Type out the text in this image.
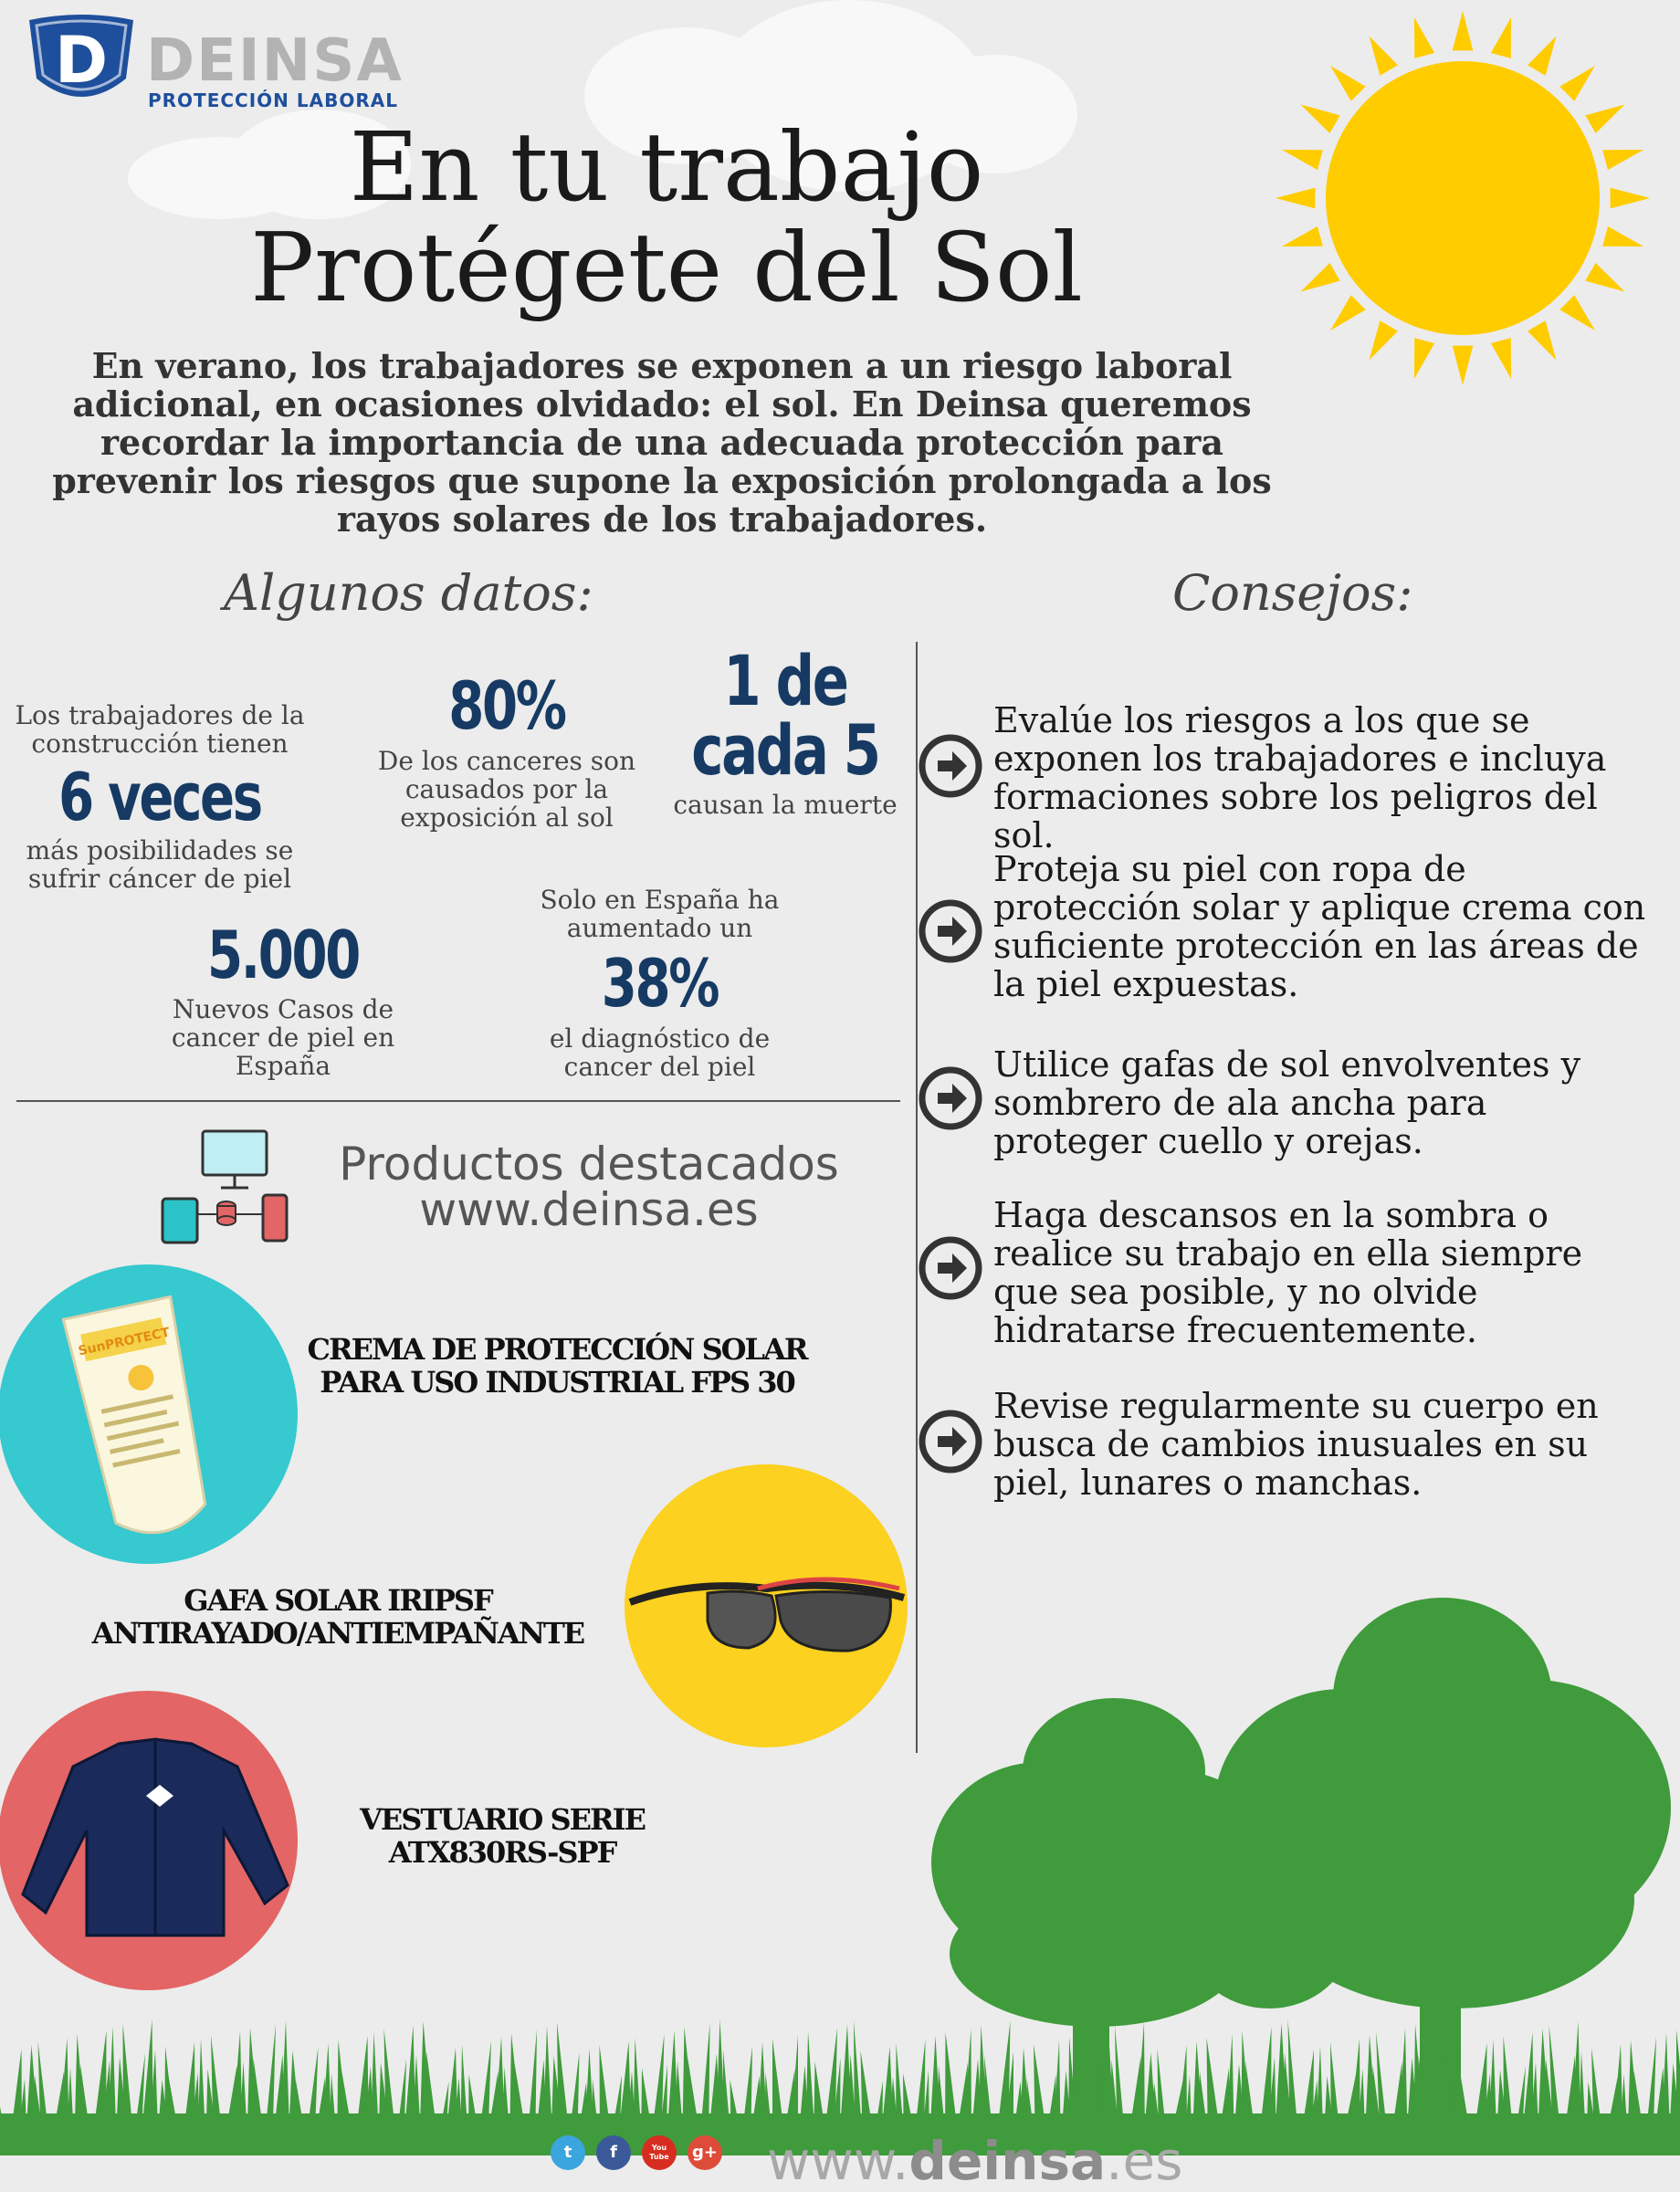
D DEINSA
PROTECCIÓN LABORAL
En tu trabajo
Protégete del Sol
En verano, los trabajadores se exponen a un riesgo laboral adicional, en ocasiones olvidado: el sol. En Deinsa queremos recordar la importancia de una adecuada protección para prevenir los riesgos que supone la exposición prolongada a los rayos solares de los trabajadores.
Algunos datos:	Consejos:
Los trabajadores de la construcción tienen
6 veces
más posibilidades se sufrir cáncer de piel
80%
De los canceres son causados por la exposición al sol
1 de
cada 5
causan la muerte
5.000
Nuevos Casos de cancer de piel en España
Solo en España ha aumentado un
38%
el diagnóstico de cancer del piel
Evalúe los riesgos a los que se exponen los trabajadores e incluya formaciones sobre los peligros del sol.
Proteja su piel con ropa de protección solar y aplique crema con suficiente protección en las áreas de la piel expuestas.
Utilice gafas de sol envolventes y sombrero de ala ancha para proteger cuello y orejas.
Haga descansos en la sombra o realice su trabajo en ella siempre que sea posible, y no olvide hidratarse frecuentemente.
Revise regularmente su cuerpo en busca de cambios inusuales en su piel, lunares o manchas.
Productos destacados
www.deinsa.es
SunPROTECT	CREMA DE PROTECCIÓN SOLAR PARA USO INDUSTRIAL FPS 30
GAFA SOLAR IRIPSF ANTIRAYADO/ANTIEMPAÑANTE
VESTUARIO SERIE ATX830RS-SPF
t	f	You Tube	g+ www.deinsa.es
